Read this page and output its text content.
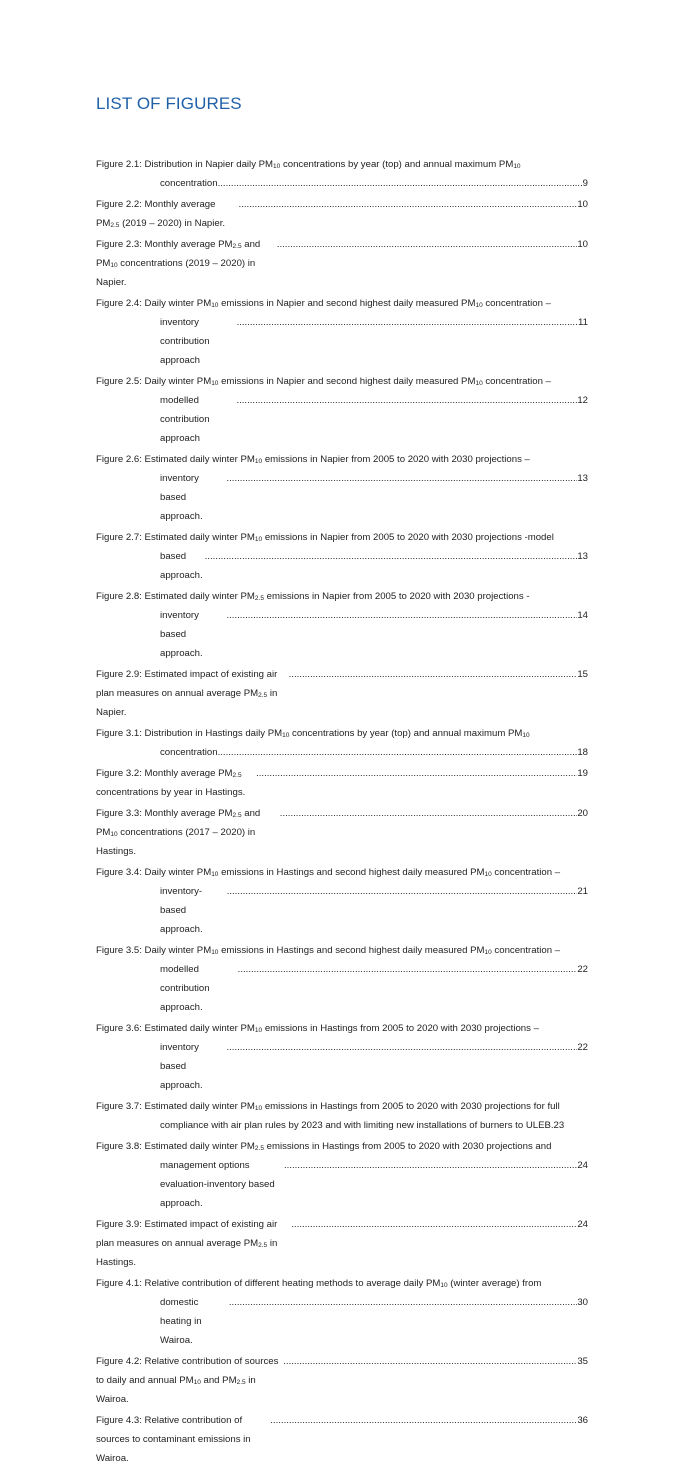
LIST OF FIGURES
Figure 2.1: Distribution in Napier daily $PM_{10}$ concentrations by year (top) and annual maximum $PM_{10}$
concentration. .....	9
Figure 2.2: Monthly average $PM_{2.5}$ (2019 – 2020) in Napier.
.....
10
Figure 2.3: Monthly average $PM_{2.5}$ and $PM_{10}$ concentrations (2019 – 2020) in Napier.
.....
10
Figure 2.4: Daily winter $PM_{10}$ emissions in Napier and second highest daily measured $PM_{10}$ concentration –
inventory contribution approach
.....
11
Figure 2.5: Daily winter $PM_{10}$ emissions in Napier and second highest daily measured $PM_{10}$ concentration –
modelled contribution approach
.....
12
Figure 2.6: Estimated daily winter $PM_{10}$ emissions in Napier from 2005 to 2020 with 2030 projections –
inventory based approach.
.....
13
Figure 2.7: Estimated daily winter $PM_{10}$ emissions in Napier from 2005 to 2020 with 2030 projections -model
based approach.
.....
13
Figure 2.8: Estimated daily winter $PM_{2.5}$ emissions in Napier from 2005 to 2020 with 2030 projections -
inventory based approach.
.....
14
Figure 2.9: Estimated impact of existing air plan measures on annual average $PM_{2.5}$ in Napier.
.....
15
Figure 3.1: Distribution in Hastings daily $PM_{10}$ concentrations by year (top) and annual maximum $PM_{10}$
concentration. .....	18
Figure 3.2: Monthly average $PM_{2.5}$ concentrations by year in Hastings.
.....
19
Figure 3.3: Monthly average $PM_{2.5}$ and $PM_{10}$ concentrations (2017 – 2020) in Hastings.
.....
20
Figure 3.4: Daily winter $PM_{10}$ emissions in Hastings and second highest daily measured $PM_{10}$ concentration –
inventory-based approach.
.....
21
Figure 3.5: Daily winter $PM_{10}$ emissions in Hastings and second highest daily measured $PM_{10}$ concentration –
modelled contribution approach.
.....
22
Figure 3.6: Estimated daily winter $PM_{10}$ emissions in Hastings from 2005 to 2020 with 2030 projections –
inventory based approach.
.....
22
Figure 3.7: Estimated daily winter $PM_{10}$ emissions in Hastings from 2005 to 2020 with 2030 projections for full
compliance with air plan rules by 2023 and with limiting new installations of burners to ULEB. 23
Figure 3.8: Estimated daily winter $PM_{2.5}$ emissions in Hastings from 2005 to 2020 with 2030 projections and
management options evaluation-inventory based approach.
.....
24
Figure 3.9: Estimated impact of existing air plan measures on annual average $PM_{2.5}$ in Hastings.
.....
24
Figure 4.1: Relative contribution of different heating methods to average daily $PM_{10}$ (winter average) from
domestic heating in Wairoa.
.....
30
Figure 4.2: Relative contribution of sources to daily and annual $PM_{10}$ and $PM_{2.5}$ in Wairoa.
.....
35
Figure 4.3: Relative contribution of sources to contaminant emissions in Wairoa.
.....
36
